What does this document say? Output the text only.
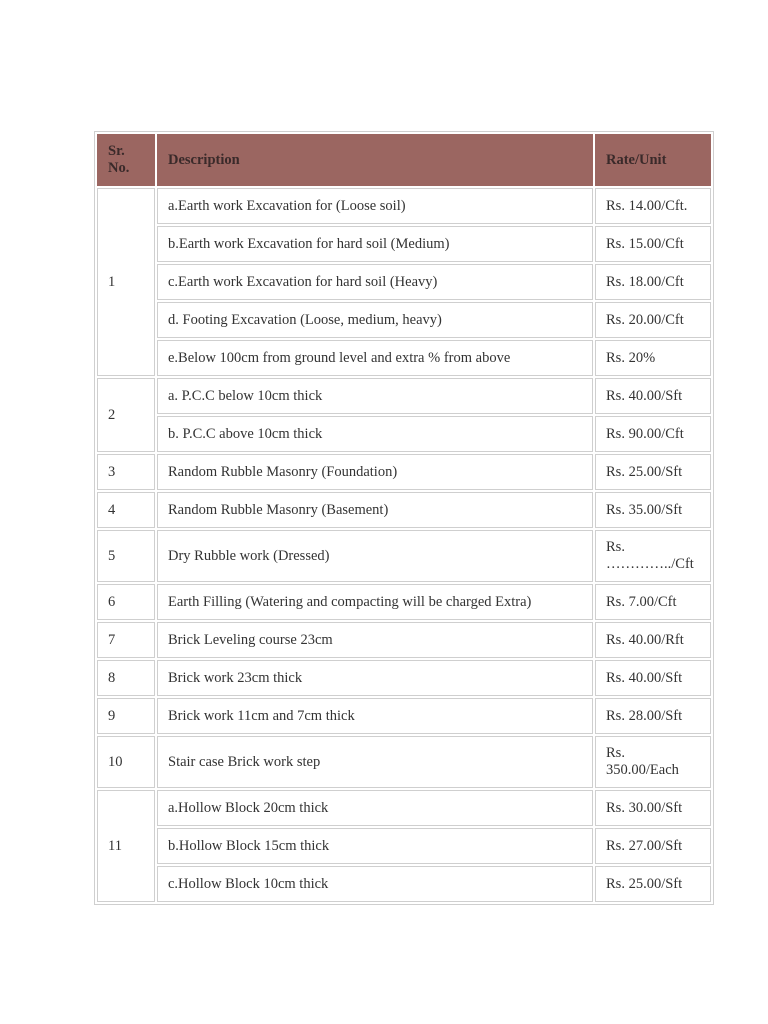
Sr. No.	Description	Rate/Unit
1	a.Earth work Excavation for (Loose soil)	Rs. 14.00/Cft.
	b.Earth work Excavation for hard soil (Medium)	Rs. 15.00/Cft
	c.Earth work Excavation for hard soil (Heavy)	Rs. 18.00/Cft
	d. Footing Excavation (Loose, medium, heavy)	Rs. 20.00/Cft
	e.Below 100cm from ground level and extra % from above	Rs. 20%
2	a. P.C.C below 10cm thick	Rs. 40.00/Sft
	b. P.C.C above 10cm thick	Rs. 90.00/Cft
3	Random Rubble Masonry (Foundation)	Rs. 25.00/Sft
4	Random Rubble Masonry (Basement)	Rs. 35.00/Sft
5	Dry Rubble work (Dressed)	Rs. …………../Cft
6	Earth Filling (Watering and compacting will be charged Extra)	Rs. 7.00/Cft
7	Brick Leveling course 23cm	Rs. 40.00/Rft
8	Brick work 23cm thick	Rs. 40.00/Sft
9	Brick work 11cm and 7cm thick	Rs. 28.00/Sft
10	Stair case Brick work step	Rs. 350.00/Each
11	a.Hollow Block 20cm thick	Rs. 30.00/Sft
	b.Hollow Block 15cm thick	Rs. 27.00/Sft
	c.Hollow Block 10cm thick	Rs. 25.00/Sft
